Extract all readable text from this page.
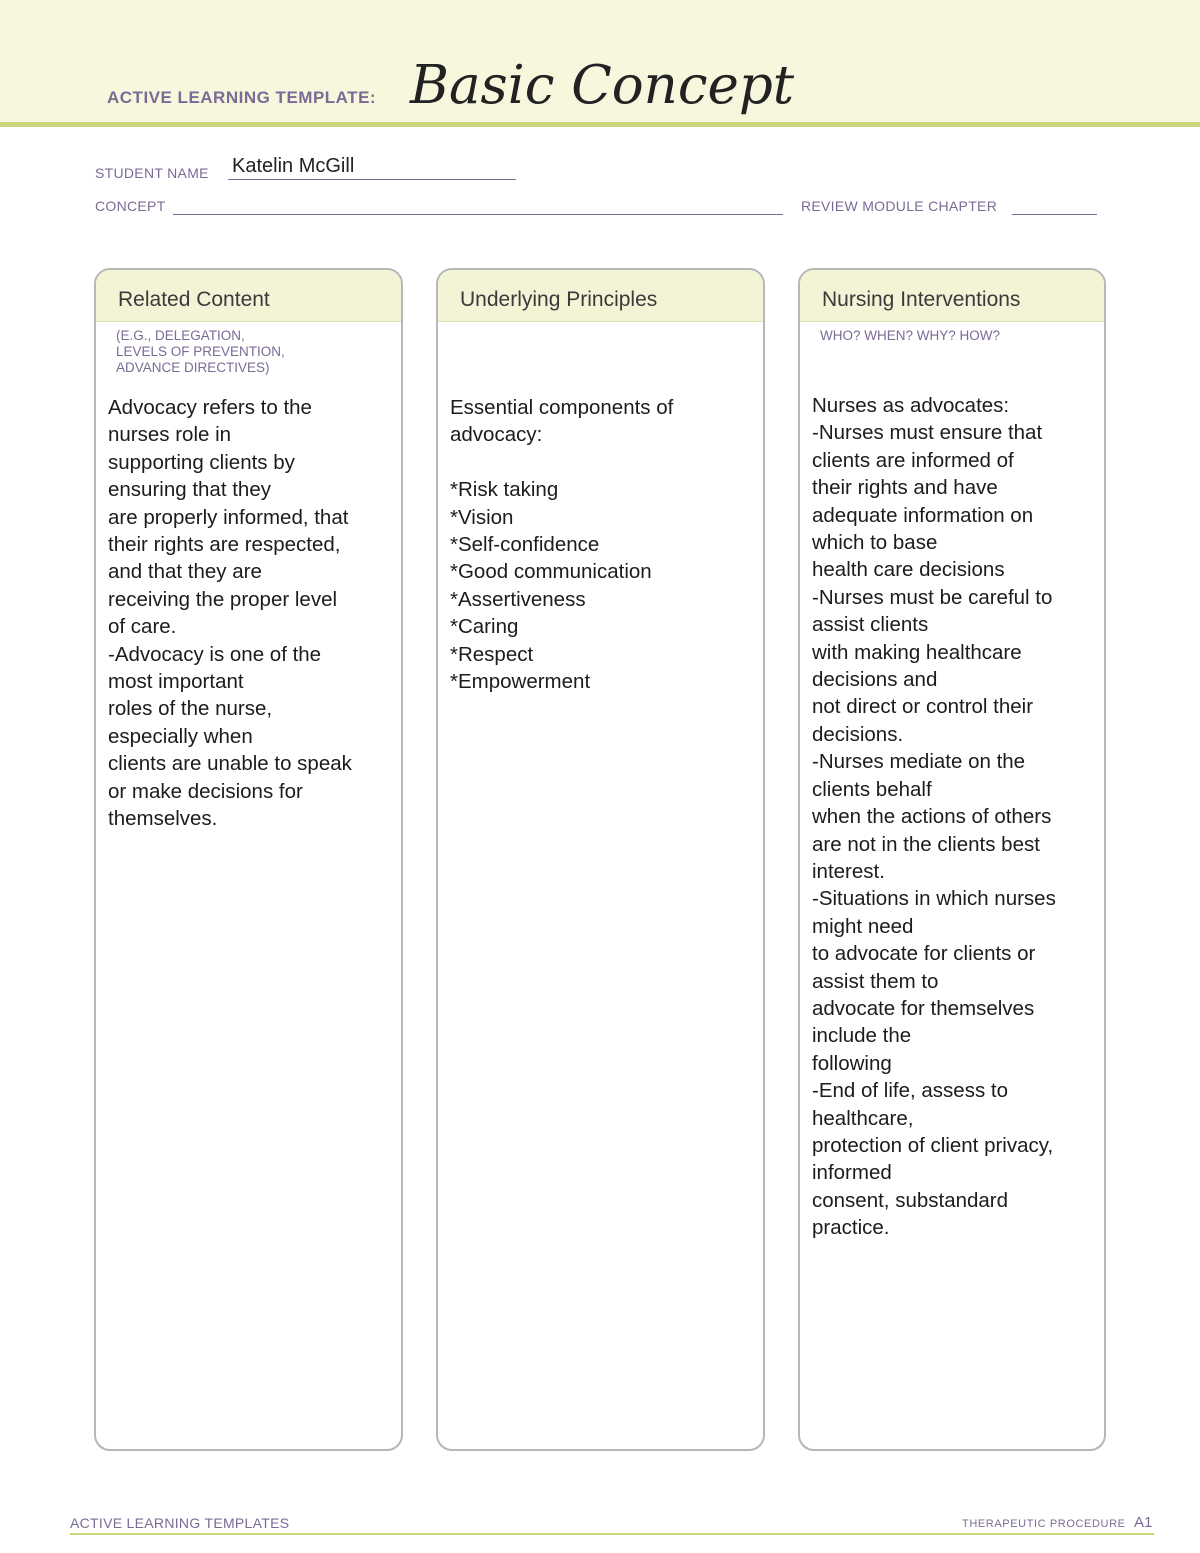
ACTIVE LEARNING TEMPLATE: Basic Concept
STUDENT NAME Katelin McGill
CONCEPT	REVIEW MODULE CHAPTER
Related Content
(E.G., DELEGATION,
LEVELS OF PREVENTION,
ADVANCE DIRECTIVES)
Advocacy refers to the
nurses role in
supporting clients by
ensuring that they
are properly informed, that
their rights are respected,
and that they are
receiving the proper level
of care.
-Advocacy is one of the
most important
roles of the nurse,
especially when
clients are unable to speak
or make decisions for
themselves.
Underlying Principles
Essential components of
advocacy:

*Risk taking
*Vision
*Self-confidence
*Good communication
*Assertiveness
*Caring
*Respect
*Empowerment
Nursing Interventions
WHO? WHEN? WHY? HOW?
Nurses as advocates:
-Nurses must ensure that
clients are informed of
their rights and have
adequate information on
which to base
health care decisions
-Nurses must be careful to
assist clients
with making healthcare
decisions and
not direct or control their
decisions.
-Nurses mediate on the
clients behalf
when the actions of others
are not in the clients best
interest.
-Situations in which nurses
might need
to advocate for clients or
assist them to
advocate for themselves
include the
following
-End of life, assess to
healthcare,
protection of client privacy,
informed
consent, substandard
practice.
ACTIVE LEARNING TEMPLATES	THERAPEUTIC PROCEDURE A1
